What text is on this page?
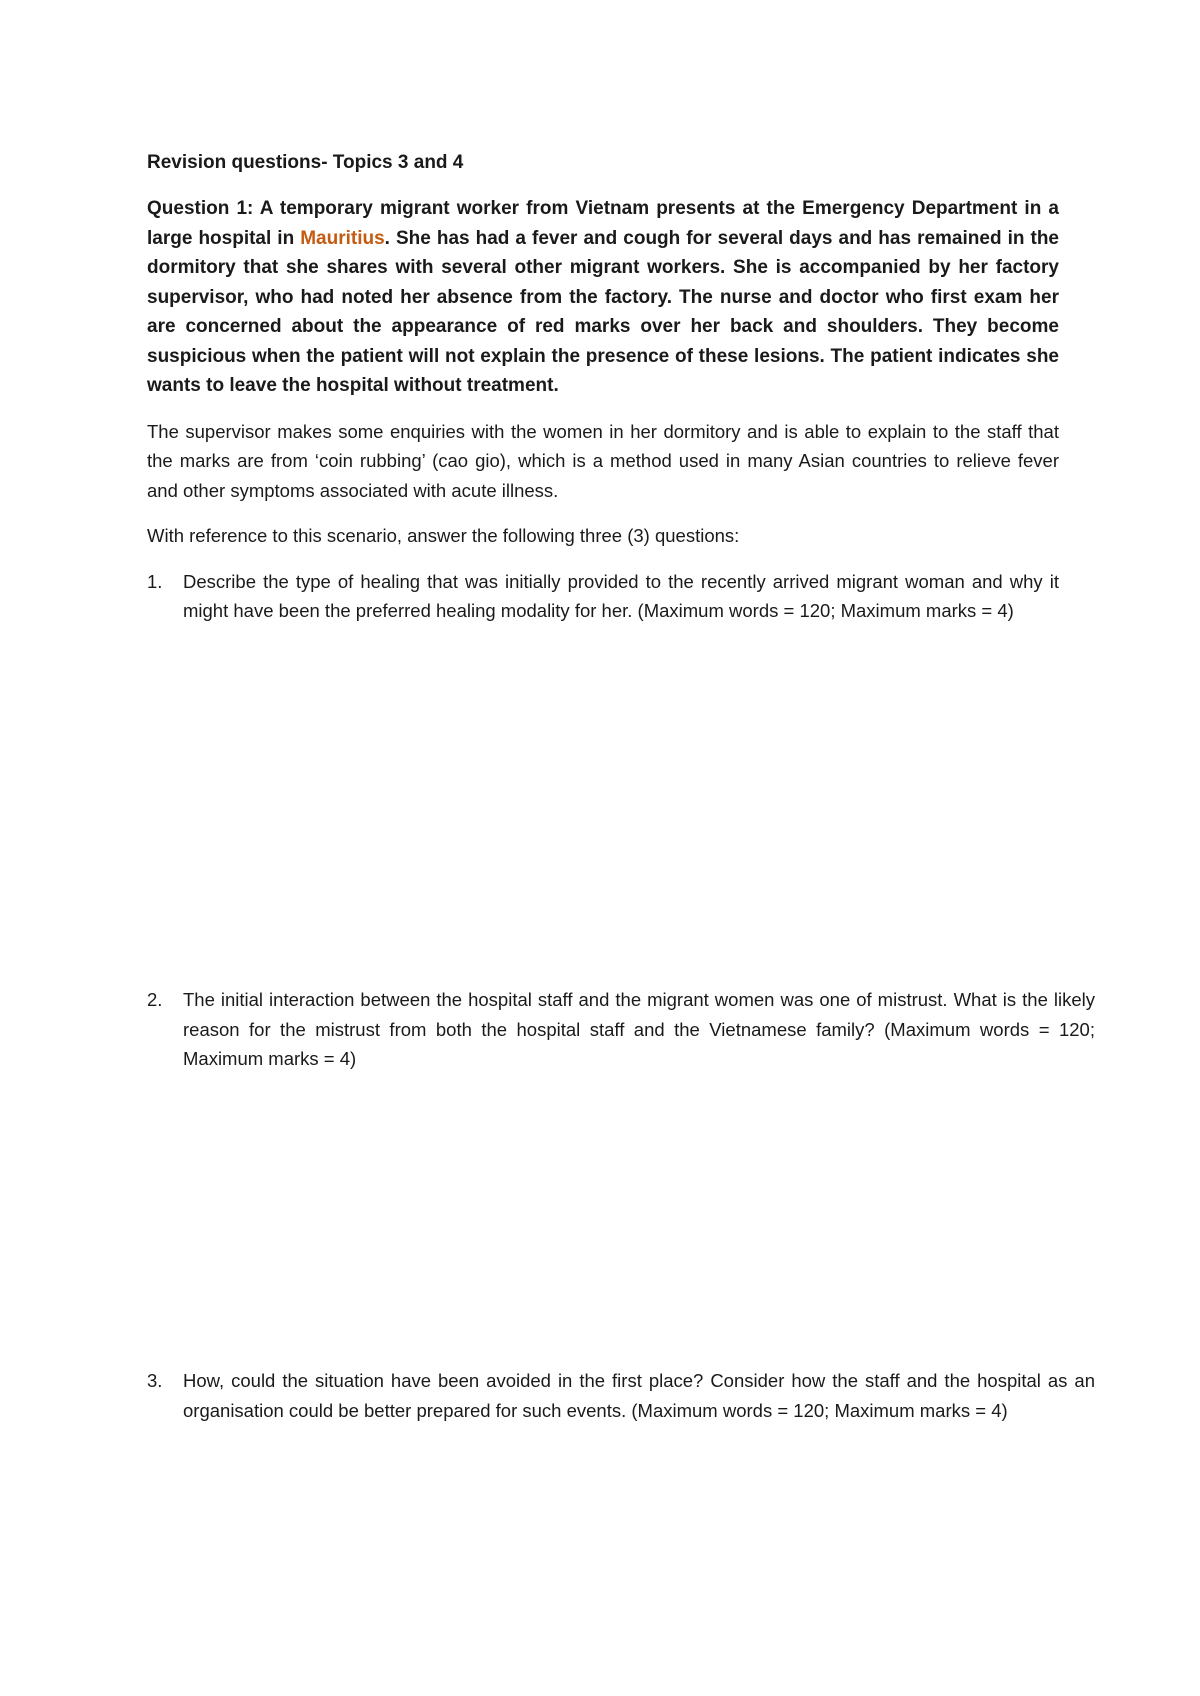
Revision questions- Topics 3 and 4

Question 1: A temporary migrant worker from Vietnam presents at the Emergency Department in a large hospital in Mauritius. She has had a fever and cough for several days and has remained in the dormitory that she shares with several other migrant workers. She is accompanied by her factory supervisor, who had noted her absence from the factory. The nurse and doctor who first exam her are concerned about the appearance of red marks over her back and shoulders. They become suspicious when the patient will not explain the presence of these lesions. The patient indicates she wants to leave the hospital without treatment.

The supervisor makes some enquiries with the women in her dormitory and is able to explain to the staff that the marks are from ‘coin rubbing’ (cao gio), which is a method used in many Asian countries to relieve fever and other symptoms associated with acute illness.

With reference to this scenario, answer the following three (3) questions:

1. Describe the type of healing that was initially provided to the recently arrived migrant woman and why it might have been the preferred healing modality for her. (Maximum words = 120; Maximum marks = 4)
2. The initial interaction between the hospital staff and the migrant women was one of mistrust. What is the likely reason for the mistrust from both the hospital staff and the Vietnamese family? (Maximum words = 120; Maximum marks = 4)
3. How, could the situation have been avoided in the first place? Consider how the staff and the hospital as an organisation could be better prepared for such events. (Maximum words = 120; Maximum marks = 4)
